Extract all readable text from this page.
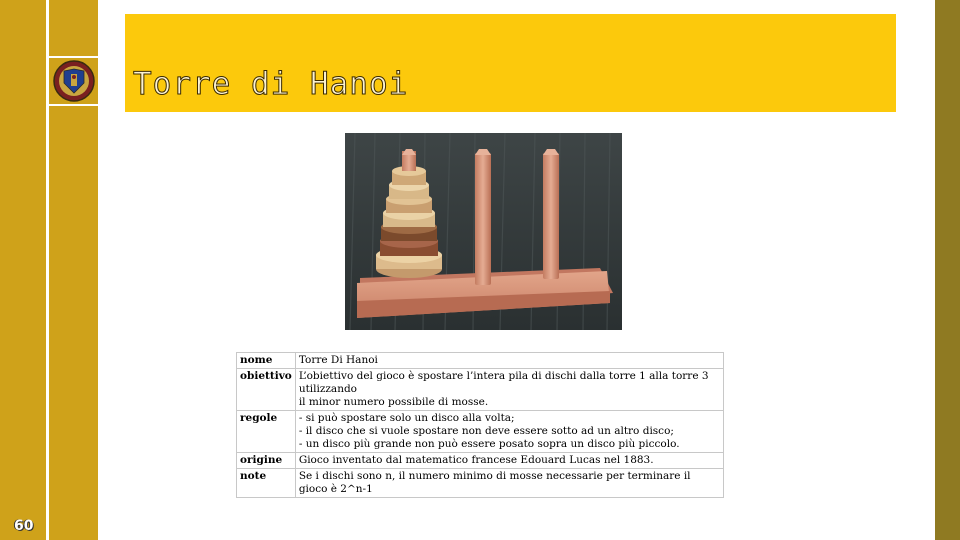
Torre di Hanoi
nome	Torre Di Hanoi
obiettivo	L’obiettivo del gioco è spostare l’intera pila di dischi dalla torre 1 alla torre 3 utilizzando
il minor numero possibile di mosse.
regole	- si può spostare solo un disco alla volta;
- il disco che si vuole spostare non deve essere sotto ad un altro disco;
- un disco più grande non può essere posato sopra un disco più piccolo.
origine	Gioco inventato dal matematico francese Edouard Lucas nel 1883.
note	Se i dischi sono n, il numero minimo di mosse necessarie per terminare il gioco è 2^n-1
60
